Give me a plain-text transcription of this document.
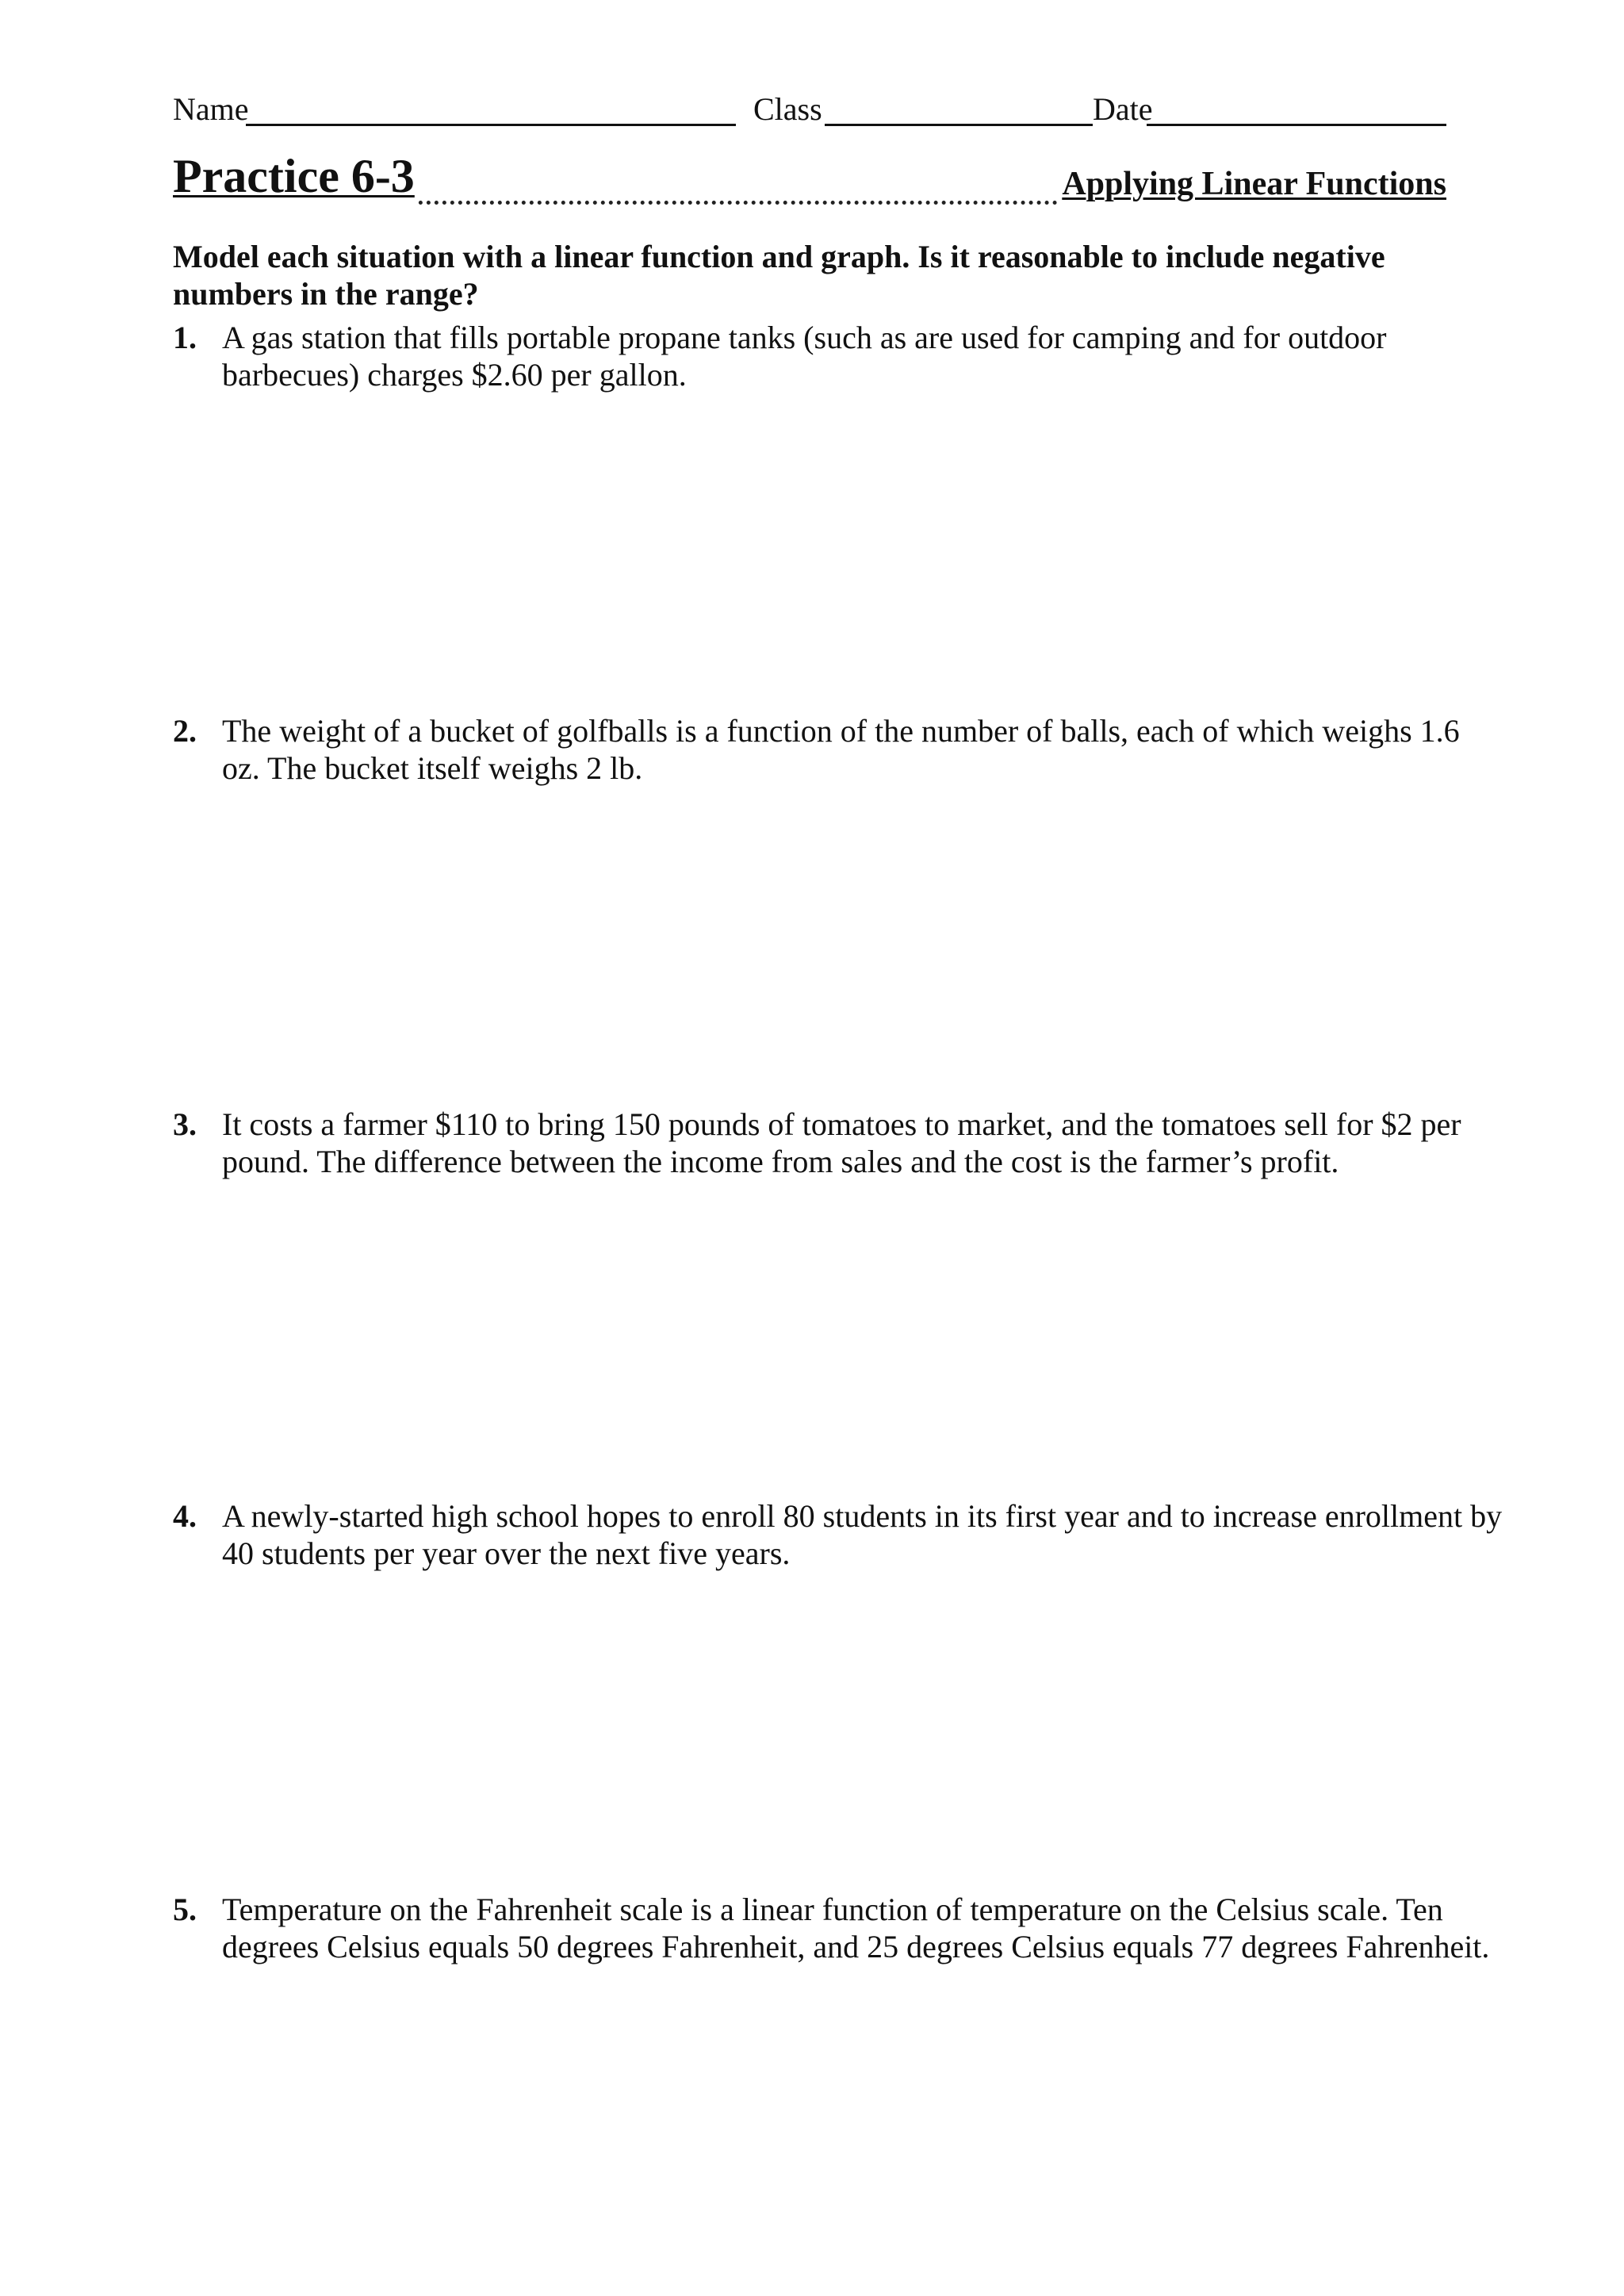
Name	Class	Date
Practice 6-3	Applying Linear Functions
Model each situation with a linear function and graph. Is it reasonable to include negative numbers in the range?
1. A gas station that fills portable propane tanks (such as are used for camping and for outdoor barbecues) charges $2.60 per gallon.
2. The weight of a bucket of golfballs is a function of the number of balls, each of which weighs 1.6 oz. The bucket itself weighs 2 lb.
3. It costs a farmer $110 to bring 150 pounds of tomatoes to market, and the tomatoes sell for $2 per pound. The difference between the income from sales and the cost is the farmer’s profit.
4. A newly-started high school hopes to enroll 80 students in its first year and to increase enrollment by 40 students per year over the next five years.
5. Temperature on the Fahrenheit scale is a linear function of temperature on the Celsius scale. Ten degrees Celsius equals 50 degrees Fahrenheit, and 25 degrees Celsius equals 77 degrees Fahrenheit.
